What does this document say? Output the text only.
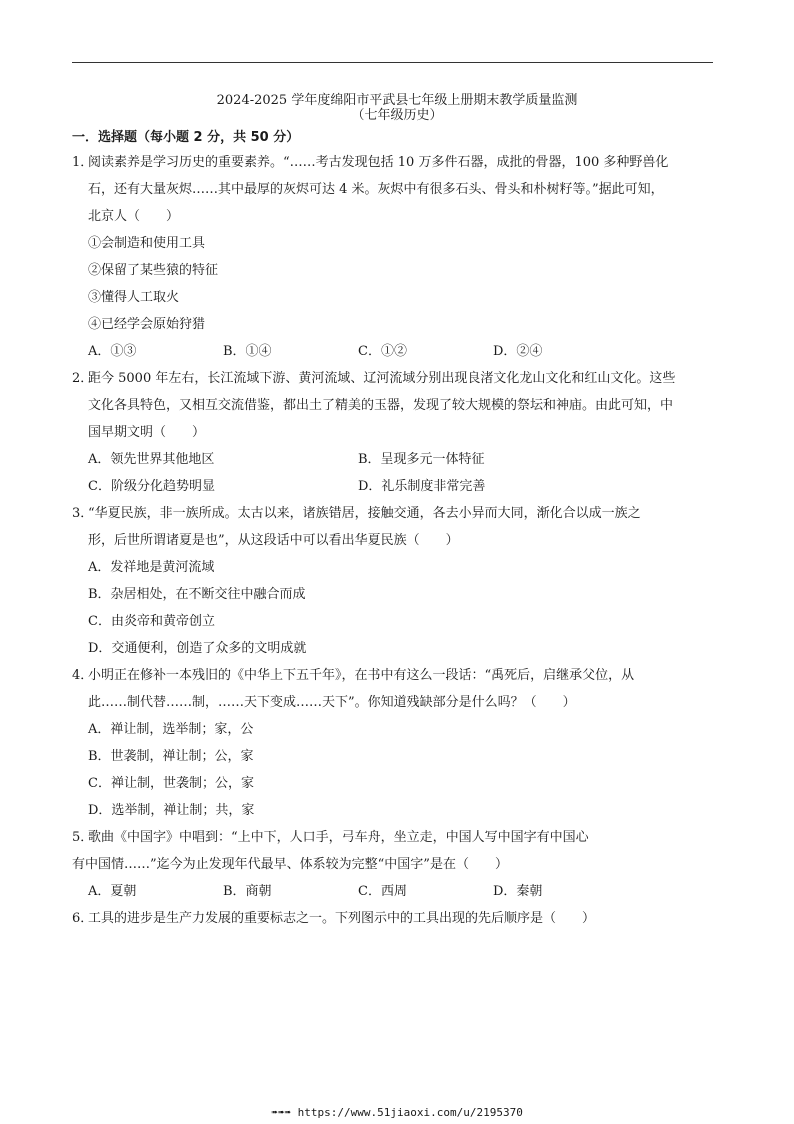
2024-2025 学年度绵阳市平武县七年级上册期末教学质量监测
（七年级历史）
一．选择题（每小题 2 分，共 50 分）
1．阅读素养是学习历史的重要素养。“……考古发现包括 10 万多件石器，成批的骨器，100 多种野兽化
石，还有大量灰烬……其中最厚的灰烬可达 4 米。灰烬中有很多石头、骨头和朴树籽等。”据此可知，
北京人（　　）
①会制造和使用工具
②保留了某些猿的特征
③懂得人工取火
④已经学会原始狩猎
A．①③	B．①④	C．①②	D．②④
2．距今 5000 年左右，长江流域下游、黄河流域、辽河流域分别出现良渚文化龙山文化和红山文化。这些
文化各具特色，又相互交流借鉴，都出土了精美的玉器，发现了较大规模的祭坛和神庙。由此可知，中
国早期文明（　　）
A．领先世界其他地区	B．呈现多元一体特征
C．阶级分化趋势明显	D．礼乐制度非常完善
3．“华夏民族，非一族所成。太古以来，诸族错居，接触交通，各去小异而大同，渐化合以成一族之
形，后世所谓诸夏是也”，从这段话中可以看出华夏民族（　　）
A．发祥地是黄河流域
B．杂居相处，在不断交往中融合而成
C．由炎帝和黄帝创立
D．交通便利，创造了众多的文明成就
4．小明正在修补一本残旧的《中华上下五千年》，在书中有这么一段话：“禹死后，启继承父位，从
此……制代替……制，……天下变成……天下”。你知道残缺部分是什么吗？（　　）
A．禅让制，选举制；家，公
B．世袭制，禅让制；公，家
C．禅让制，世袭制；公，家
D．选举制，禅让制；共，家
5．歌曲《中国字》中唱到：“上中下，人口手，弓车舟，坐立走，中国人写中国字有中国心
有中国情……”迄今为止发现年代最早、体系较为完整“中国字”是在（　　）
A．夏朝	B．商朝	C．西周	D．秦朝
6．工具的进步是生产力发展的重要标志之一。下列图示中的工具出现的先后顺序是（　　）
➠➠➠ https://www.51jiaoxi.com/u/2195370
